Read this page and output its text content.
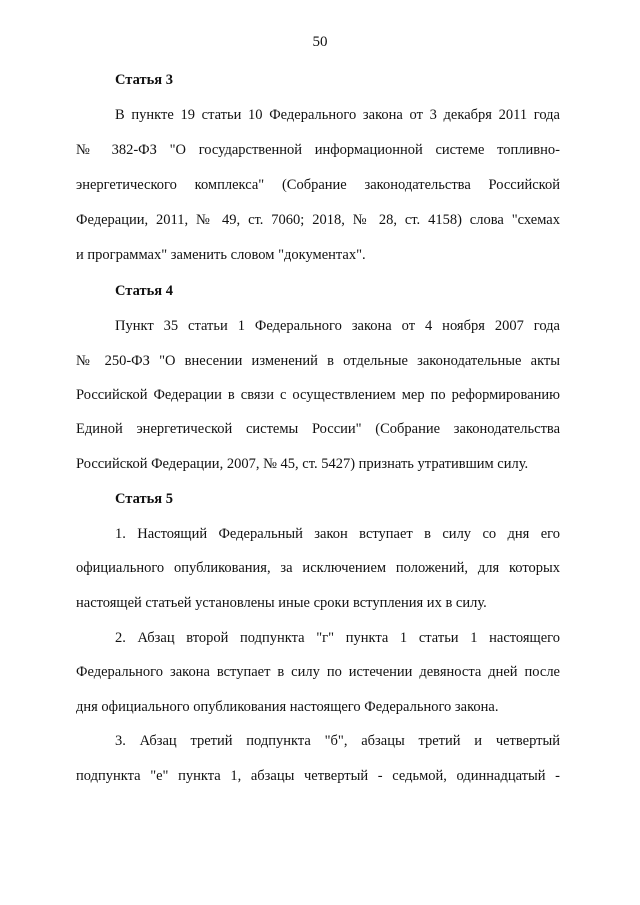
50
Статья 3
В пункте 19 статьи 10 Федерального закона от 3 декабря 2011 года
№ 382-ФЗ "О государственной информационной системе топливно-
энергетического комплекса" (Собрание законодательства Российской
Федерации, 2011, № 49, ст. 7060; 2018, № 28, ст. 4158) слова "схемах
и программах" заменить словом "документах".
Статья 4
Пункт 35 статьи 1 Федерального закона от 4 ноября 2007 года
№ 250-ФЗ "О внесении изменений в отдельные законодательные акты
Российской Федерации в связи с осуществлением мер по реформированию
Единой энергетической системы России" (Собрание законодательства
Российской Федерации, 2007, № 45, ст. 5427) признать утратившим силу.
Статья 5
1. Настоящий Федеральный закон вступает в силу со дня его
официального опубликования, за исключением положений, для которых
настоящей статьей установлены иные сроки вступления их в силу.
2. Абзац второй подпункта "г" пункта 1 статьи 1 настоящего
Федерального закона вступает в силу по истечении девяноста дней после
дня официального опубликования настоящего Федерального закона.
3. Абзац третий подпункта "б", абзацы третий и четвертый
подпункта "е" пункта 1, абзацы четвертый - седьмой, одиннадцатый -
